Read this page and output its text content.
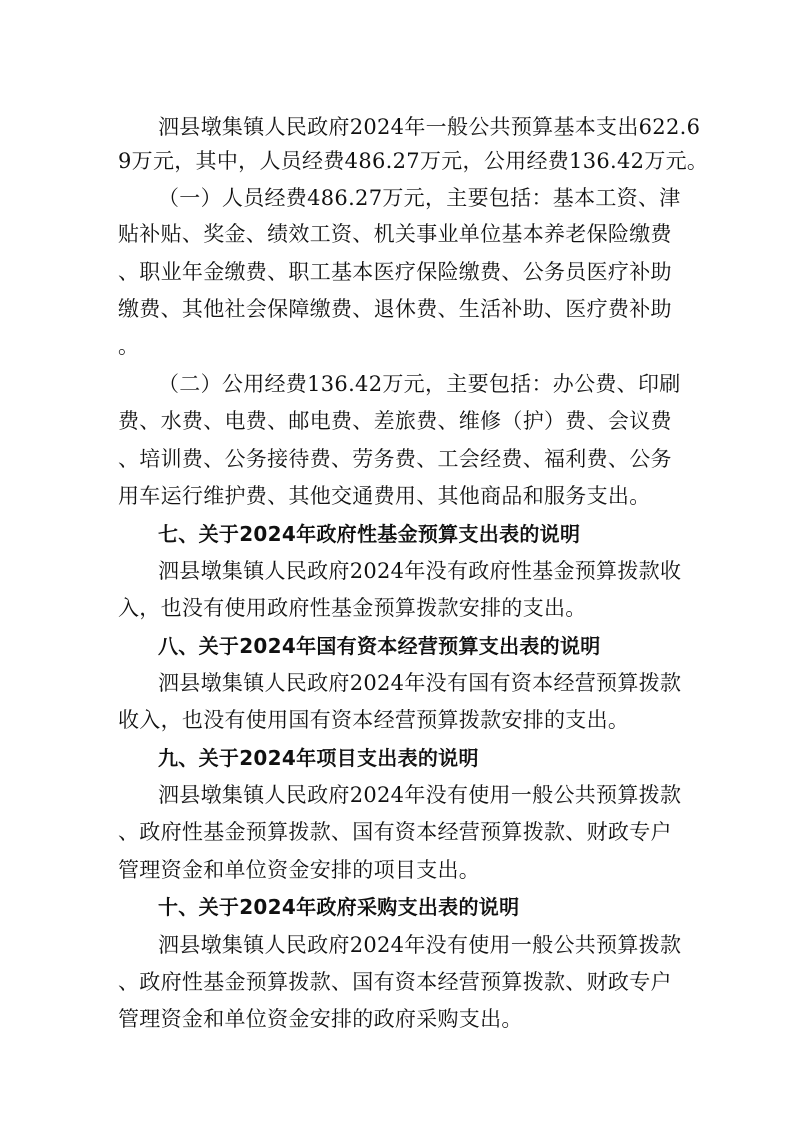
泗县墩集镇人民政府2024年一般公共预算基本支出622.6
9万元，其中，人员经费486.27万元，公用经费136.42万元。
（一）人员经费486.27万元，主要包括：基本工资、津
贴补贴、奖金、绩效工资、机关事业单位基本养老保险缴费
、职业年金缴费、职工基本医疗保险缴费、公务员医疗补助
缴费、其他社会保障缴费、退休费、生活补助、医疗费补助
。
（二）公用经费136.42万元，主要包括：办公费、印刷
费、水费、电费、邮电费、差旅费、维修（护）费、会议费
、培训费、公务接待费、劳务费、工会经费、福利费、公务
用车运行维护费、其他交通费用、其他商品和服务支出。
七、关于2024年政府性基金预算支出表的说明
泗县墩集镇人民政府2024年没有政府性基金预算拨款收
入，也没有使用政府性基金预算拨款安排的支出。
八、关于2024年国有资本经营预算支出表的说明
泗县墩集镇人民政府2024年没有国有资本经营预算拨款
收入，也没有使用国有资本经营预算拨款安排的支出。
九、关于2024年项目支出表的说明
泗县墩集镇人民政府2024年没有使用一般公共预算拨款
、政府性基金预算拨款、国有资本经营预算拨款、财政专户
管理资金和单位资金安排的项目支出。
十、关于2024年政府采购支出表的说明
泗县墩集镇人民政府2024年没有使用一般公共预算拨款
、政府性基金预算拨款、国有资本经营预算拨款、财政专户
管理资金和单位资金安排的政府采购支出。
